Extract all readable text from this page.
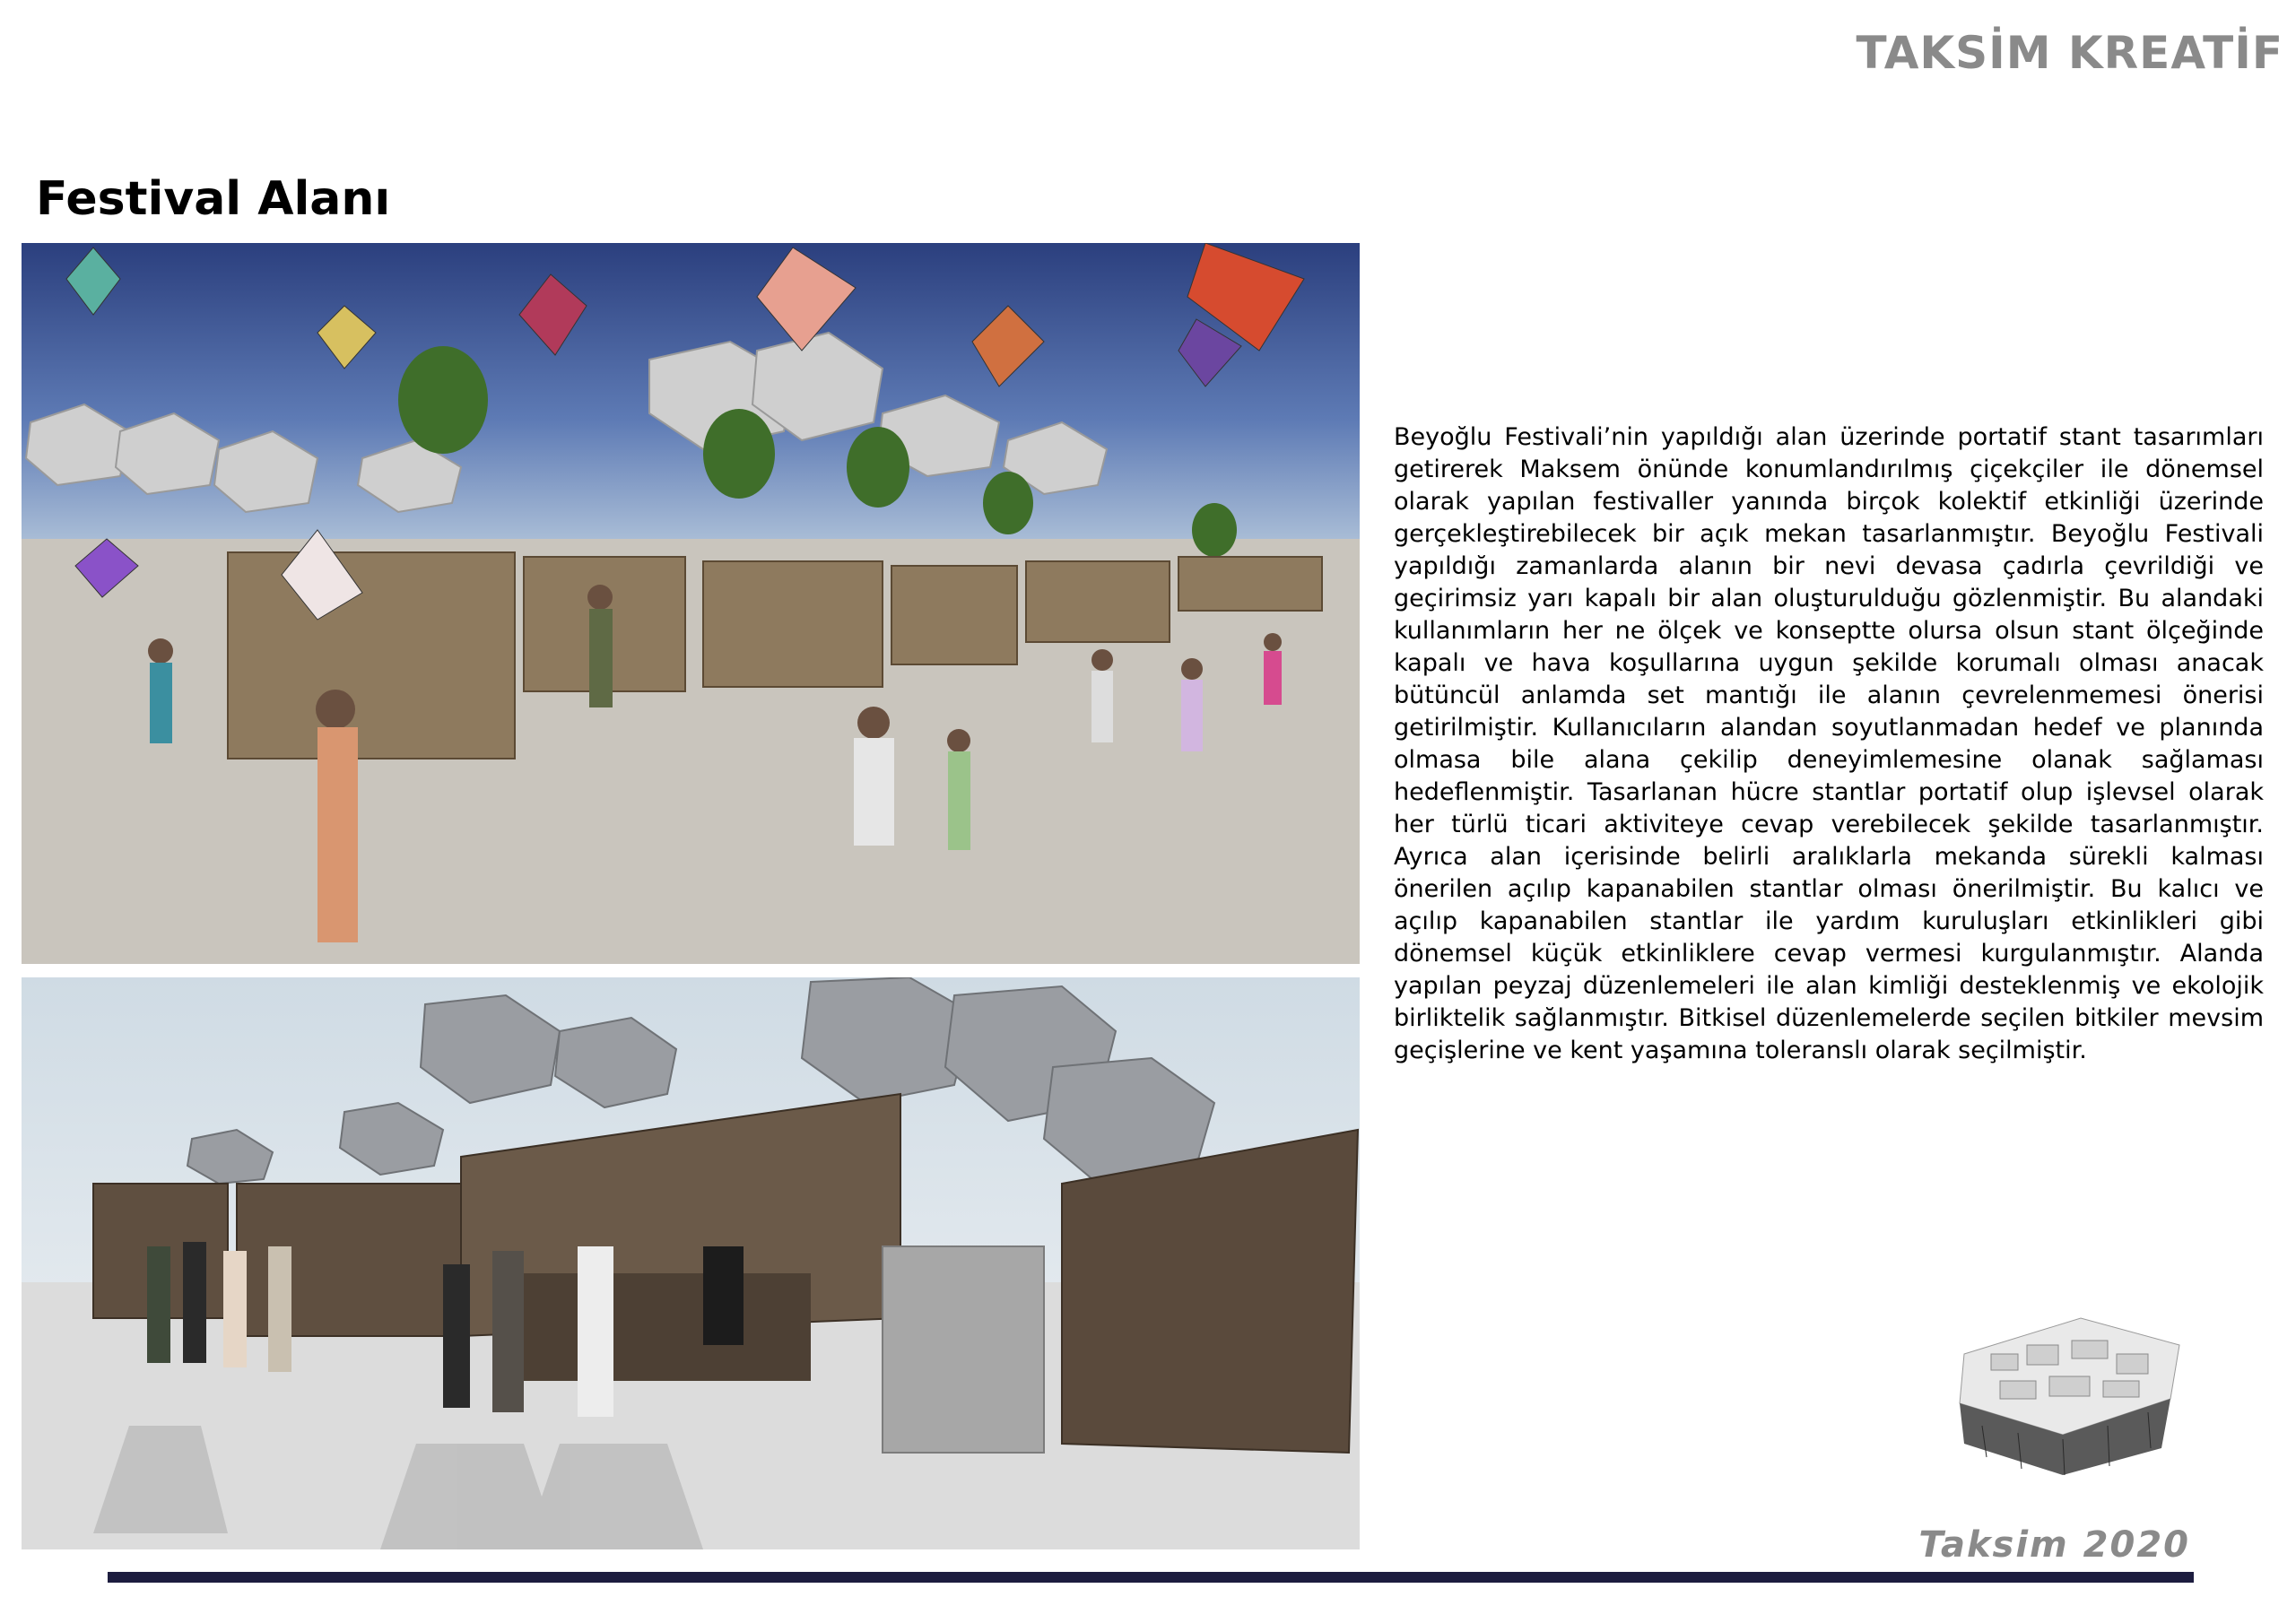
TAKSİM KREATİF
Festival Alanı

Beyoğlu Festivali’nin yapıldığı alan üzerinde portatif stant tasarımları getirerek Maksem önünde konumlandırılmış çiçekçiler ile dönemsel olarak yapılan festivaller yanında birçok kolektif etkinliği üzerinde gerçekleştirebilecek bir açık mekan tasarlanmıştır. Beyoğlu Festivali yapıldığı zamanlarda alanın bir nevi devasa çadırla çevrildiği ve geçirimsiz yarı kapalı bir alan oluşturulduğu gözlenmiştir. Bu alandaki kullanımların her ne ölçek ve konseptte olursa olsun stant ölçeğinde kapalı ve hava koşullarına uygun şekilde korumalı olması anacak bütüncül anlamda set mantığı ile alanın çevrelenmemesi önerisi getirilmiştir. Kullanıcıların alandan soyutlanmadan hedef ve planında olmasa bile alana çekilip deneyimlemesine olanak sağlaması hedeflenmiştir. Tasarlanan hücre stantlar portatif olup işlevsel olarak her türlü ticari aktiviteye cevap verebilecek şekilde tasarlanmıştır. Ayrıca alan içerisinde belirli aralıklarla mekanda sürekli kalması önerilen açılıp kapanabilen stantlar olması önerilmiştir. Bu kalıcı ve açılıp kapanabilen stantlar ile yardım kuruluşları etkinlikleri gibi dönemsel küçük etkinliklere cevap vermesi kurgulanmıştır. Alanda yapılan peyzaj düzenlemeleri ile alan kimliği desteklenmiş ve ekolojik birliktelik sağlanmıştır. Bitkisel düzenlemelerde seçilen bitkiler mevsim geçişlerine ve kent yaşamına toleranslı olarak seçilmiştir.

Taksim 2020
